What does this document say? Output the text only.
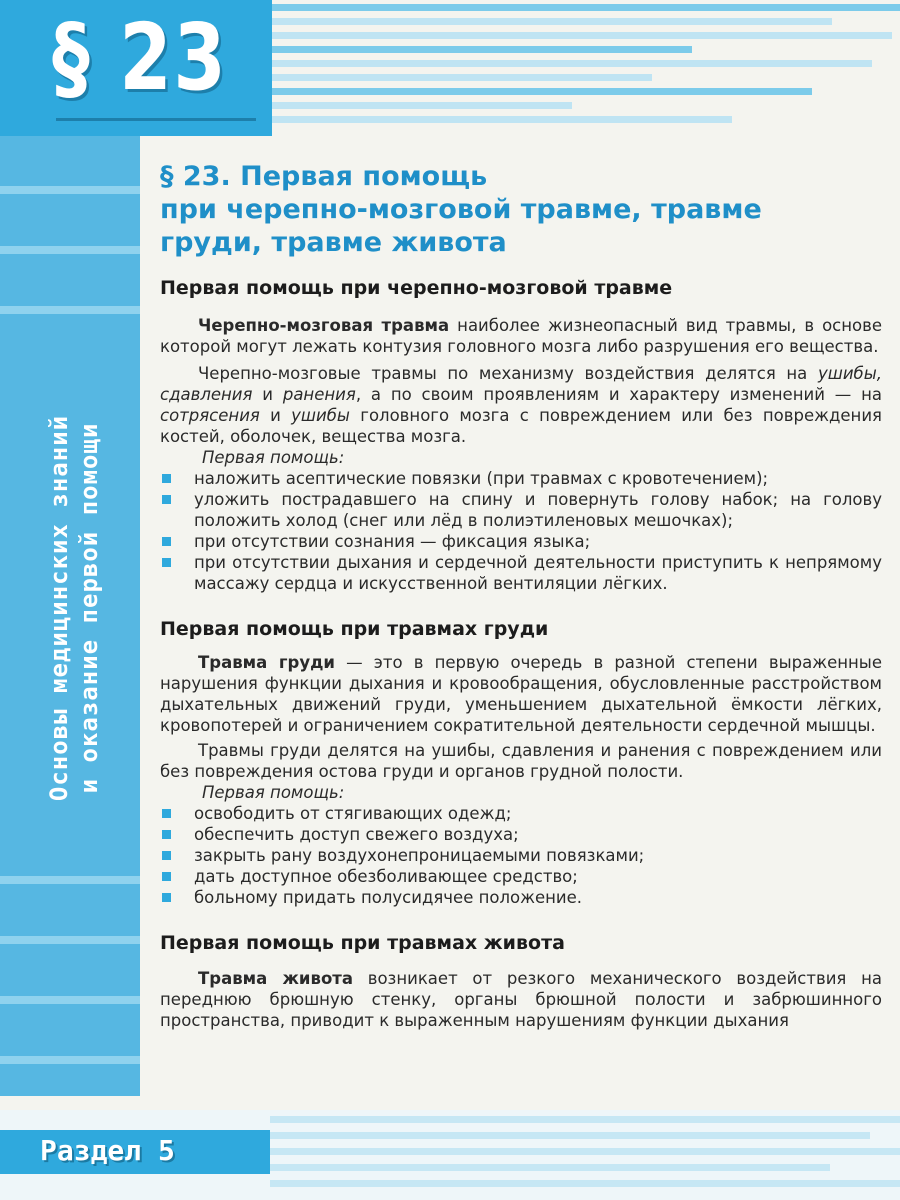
§ 23
Основы медицинских знаний и оказание первой помощи
§ 23. Первая помощь
при черепно-мозговой травме, травме
груди, травме живота
Первая помощь при черепно-мозговой травме

Черепно-мозговая травма наиболее жизнеопасный вид травмы, в основе которой могут лежать контузия головного мозга либо разрушения его вещества.

Черепно-мозговые травмы по механизму воздействия делятся на ушибы, сдавления и ранения, а по своим проявлениям и характеру изменений — на сотрясения и ушибы головного мозга с повреждением или без повреждения костей, оболочек, вещества мозга.

Первая помощь:

наложить асептические повязки (при травмах с кровотечением);
уложить пострадавшего на спину и повернуть голову набок; на голову положить холод (снег или лёд в полиэтиленовых мешочках);
при отсутствии сознания — фиксация языка;
при отсутствии дыхания и сердечной деятельности приступить к непрямому массажу сердца и искусственной вентиляции лёгких.
Первая помощь при травмах груди

Травма груди — это в первую очередь в разной степени выраженные нарушения функции дыхания и кровообращения, обусловленные расстройством дыхательных движений груди, уменьшением дыхательной ёмкости лёгких, кровопотерей и ограничением сократительной деятельности сердечной мышцы.

Травмы груди делятся на ушибы, сдавления и ранения с повреждением или без повреждения остова груди и органов грудной полости.

Первая помощь:

освободить от стягивающих одежд;
обеспечить доступ свежего воздуха;
закрыть рану воздухонепроницаемыми повязками;
дать доступное обезболивающее средство;
больному придать полусидячее положение.
Первая помощь при травмах живота

Травма живота возникает от резкого механического воздействия на переднюю брюшную стенку, органы брюшной полости и забрюшинного пространства, приводит к выраженным нарушениям функции дыхания

Раздел 5
